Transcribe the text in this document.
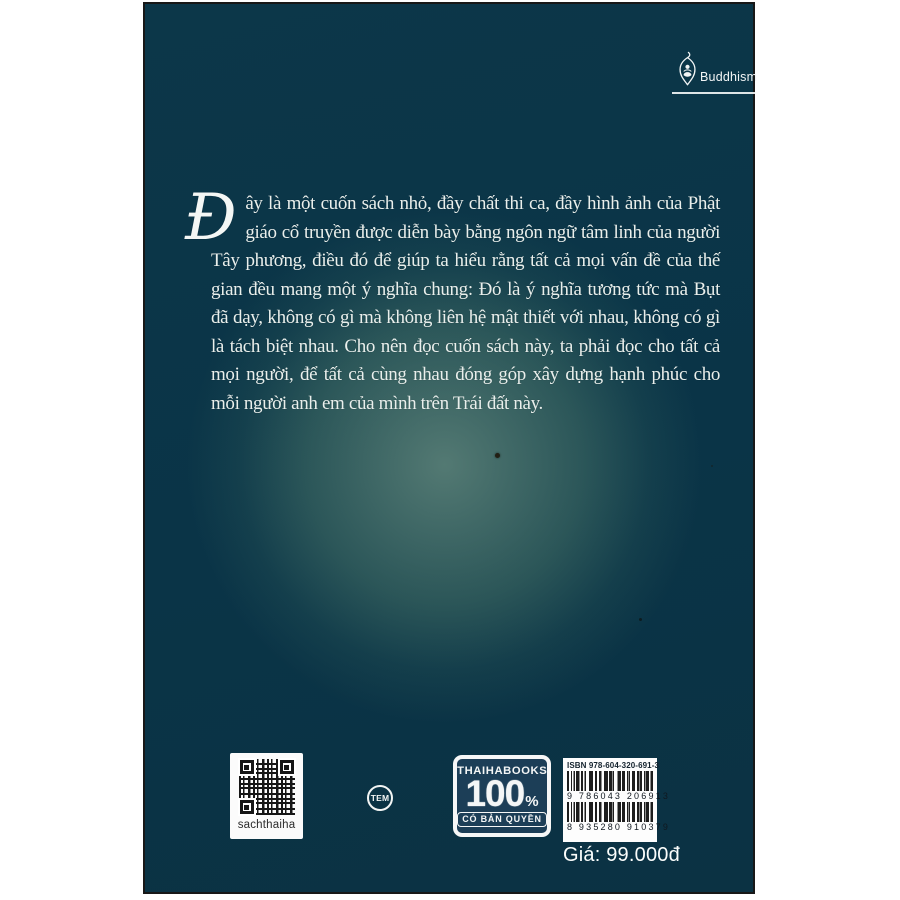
Buddhism

Đây là một cuốn sách nhỏ, đầy chất thi ca, đầy hình ảnh của Phật giáo cổ truyền được diễn bày bằng ngôn ngữ tâm linh của người Tây phương, điều đó để giúp ta hiểu rằng tất cả mọi vấn đề của thế gian đều mang một ý nghĩa chung: Đó là ý nghĩa tương tức mà Bụt đã dạy, không có gì mà không liên hệ mật thiết với nhau, không có gì là tách biệt nhau. Cho nên đọc cuốn sách này, ta phải đọc cho tất cả mọi người, để tất cả cùng nhau đóng góp xây dựng hạnh phúc cho mỗi người anh em của mình trên Trái đất này.

sachthaiha
TEM
THAIHABOOKS
100 %
CÓ BẢN QUYỀN
ISBN 978-604-320-691-3
9 786043 206913
8 935280 910379
Giá: 99.000đ
